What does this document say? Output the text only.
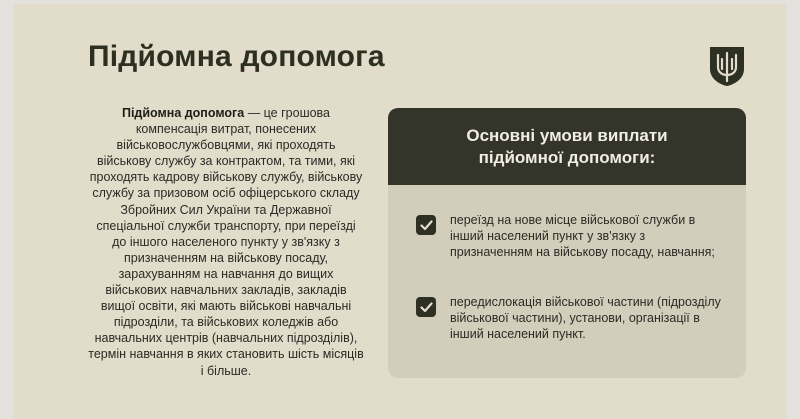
Підйомна допомога
Підйомна допомога — це грошова компенсація витрат, понесених військовослужбовцями, які проходять військову службу за контрактом, та тими, які проходять кадрову військову службу, військову службу за призовом осіб офіцерського складу Збройних Сил України та Державної спеціальної служби транспорту, при переїзді до іншого населеного пункту у зв'язку з призначенням на військову посаду, зарахуванням на навчання до вищих військових навчальних закладів, закладів вищої освіти, які мають військові навчальні підрозділи, та військових коледжів або навчальних центрів (навчальних підрозділів), термін навчання в яких становить шість місяців і більше.
Основні умови виплати
підйомної допомоги:
переїзд на нове місце військової служби в інший населений пункт у зв'язку з призначенням на військову посаду, навчання;
передислокація військової частини (підрозділу військової частини), установи, організації в інший населений пункт.
